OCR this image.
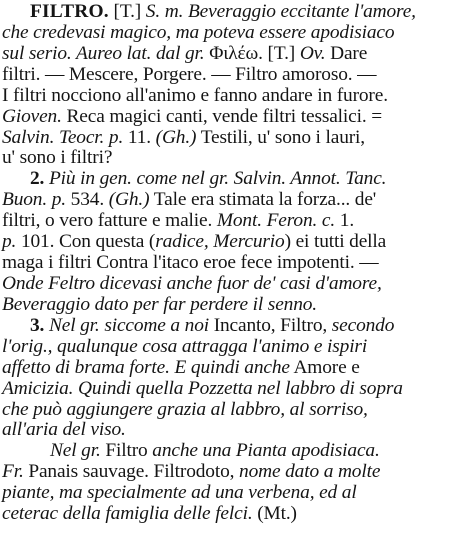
FILTRO. [T.] S. m. Beveraggio eccitante l'amore,
che credevasi magico, ma poteva essere apodisiaco
sul serio. Aureo lat. dal gr. Φιλέω. [T.] Ov. Dare
filtri. — Mescere, Porgere. — Filtro amoroso. —
I filtri nocciono all'animo e fanno andare in furore.
Gioven. Reca magici canti, vende filtri tessalici. =
Salvin. Teocr. p. 11. (Gh.) Testili, u' sono i lauri,
u' sono i filtri?
2. Più in gen. come nel gr. Salvin. Annot. Tanc.
Buon. p. 534. (Gh.) Tale era stimata la forza... de'
filtri, o vero fatture e malie. Mont. Feron. c. 1.
p. 101. Con questa (radice, Mercurio) ei tutti della
maga i filtri Contra l'itaco eroe fece impotenti. —
Onde Feltro dicevasi anche fuor de' casi d'amore,
Beveraggio dato per far perdere il senno.
3. Nel gr. siccome a noi Incanto, Filtro, secondo
l'orig., qualunque cosa attragga l'animo e ispiri
affetto di brama forte. E quindi anche Amore e
Amicizia. Quindi quella Pozzetta nel labbro di sopra
che può aggiungere grazia al labbro, al sorriso,
all'aria del viso.
Nel gr. Filtro anche una Pianta apodisiaca.
Fr. Panais sauvage. Filtrodoto, nome dato a molte
piante, ma specialmente ad una verbena, ed al
ceterac della famiglia delle felci. (Mt.)
